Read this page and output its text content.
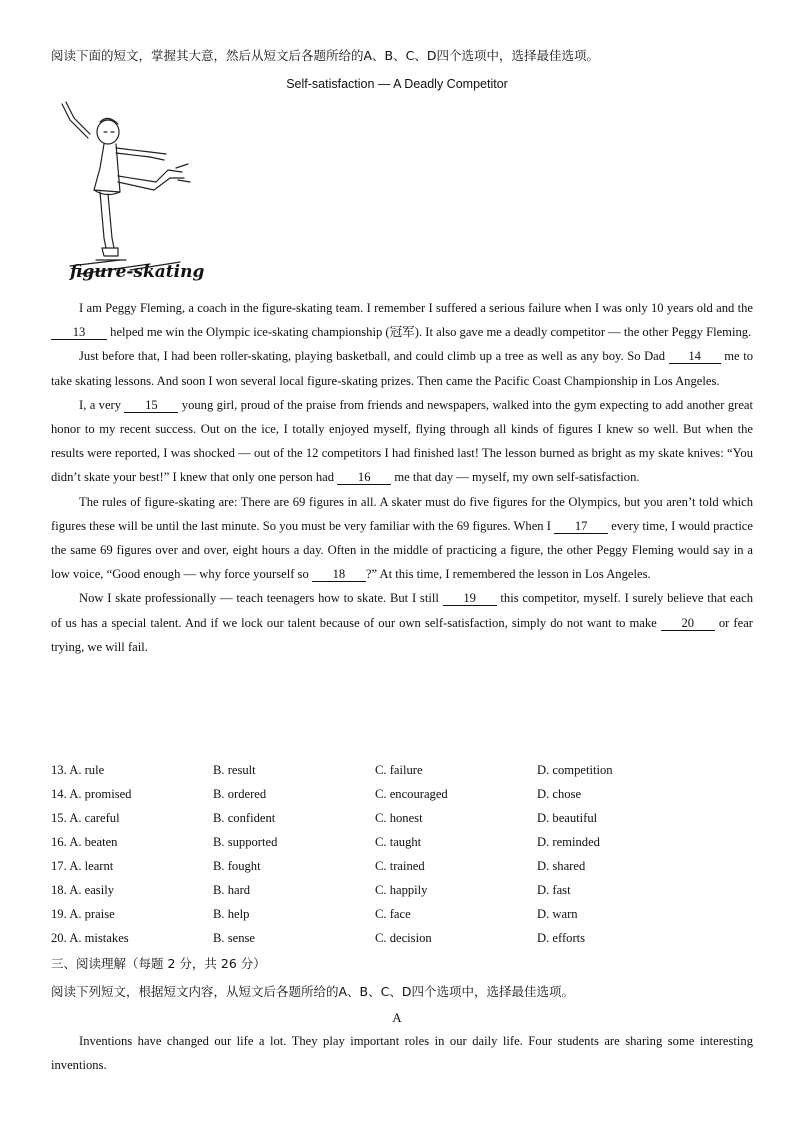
阅读下面的短文，掌握其大意，然后从短文后各题所给的A、B、C、D四个选项中，选择最佳选项。
Self-satisfaction — A Deadly Competitor
figure-skating

I am Peggy Fleming, a coach in the figure-skating team. I remember I suffered a serious failure when I was only 10 years old and the 13 helped me win the Olympic ice-skating championship (冠军). It also gave me a deadly competitor — the other Peggy Fleming.

Just before that, I had been roller-skating, playing basketball, and could climb up a tree as well as any boy. So Dad 14 me to take skating lessons. And soon I won several local figure-skating prizes. Then came the Pacific Coast Championship in Los Angeles.

I, a very 15 young girl, proud of the praise from friends and newspapers, walked into the gym expecting to add another great honor to my recent success. Out on the ice, I totally enjoyed myself, flying through all kinds of figures I knew so well. But when the results were reported, I was shocked — out of the 12 competitors I had finished last! The lesson burned as bright as my skate knives: “You didn’t skate your best!” I knew that only one person had 16 me that day — myself, my own self-satisfaction.

The rules of figure-skating are: There are 69 figures in all. A skater must do five figures for the Olympics, but you aren’t told which figures these will be until the last minute. So you must be very familiar with the 69 figures. When I 17 every time, I would practice the same 69 figures over and over, eight hours a day. Often in the middle of practicing a figure, the other Peggy Fleming would say in a low voice, “Good enough — why force yourself so 18 ?” At this time, I remembered the lesson in Los Angeles.

Now I skate professionally — teach teenagers how to skate. But I still 19 this competitor, myself. I surely believe that each of us has a special talent. And if we lock our talent because of our own self-satisfaction, simply do not want to make 20 or fear trying, we will fail.

13. A. rule	B. result	C. failure	D. competition
14. A. promised	B. ordered	C. encouraged	D. chose
15. A. careful	B. confident	C. honest	D. beautiful
16. A. beaten	B. supported	C. taught	D. reminded
17. A. learnt	B. fought	C. trained	D. shared
18. A. easily	B. hard	C. happily	D. fast
19. A. praise	B. help	C. face	D. warn
20. A. mistakes	B. sense	C. decision	D. efforts
三、阅读理解（每题 2 分，共 26 分）
阅读下列短文，根据短文内容，从短文后各题所给的A、B、C、D四个选项中，选择最佳选项。
A

Inventions have changed our life a lot. They play important roles in our daily life. Four students are sharing some interesting inventions.
